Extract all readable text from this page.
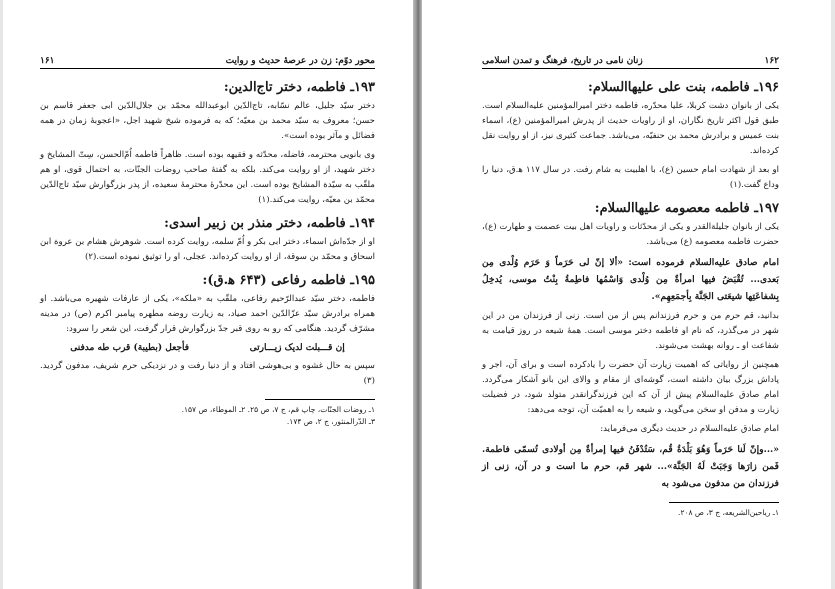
۱۶۱	محور دوّم: زن در عرصهٔ حدیث و روایت
۱۹۳ـ فاطمه، دختر تاج‌الدین:

دختر سیّد جلیل، عالم نسّابه، تاج‌الدّین ابوعبدالله محمّد بن جلال‌الدّین ابی جعفر قاسم بن حسن؛ معروف به سیّد محمد بن معیّه؛ که به فرموده شیخ شهید اجل، «اعجوبهٔ زمان در همه فضائل و مآثر بوده است».

وی بانویی محترمه، فاضله، محدّثه و فقیهه بوده است. ظاهراً فاطمه اُمّ‌الحسن، سِتّ المشایخ و دختر شهید، از او روایت می‌کند. بلکه به گفتهٔ صاحب روضات الجنّات، به احتمال قوی، او هم ملقّب به سیّدة المشایخ بوده است. این محدّرهٔ محترمهٔ سعیده، از پدر بزرگوارش سیّد تاج‌الدّین محمّد بن معیّه، روایت می‌کند.(۱)

۱۹۴ـ فاطمه، دختر منذر بن زبیر اسدی:

او از جدّه‌اش اسماء، دختر ابی بکر و اُمّ سلمه، روایت کرده است. شوهرش هشام بن عروة ابن اسحاق و محمّد بن سوقة، از او روایت کرده‌اند. عجلی، او را توثیق نموده است.(۲)

۱۹۵ـ فاطمه رفاعی (۶۴۳ ه‍.ق):

فاطمه، دختر سیّد عبدالرّحیم رفاعی، ملقّب به «ملکه»، یکی از عارفات شهیره می‌باشد. او همراه برادرش سیّد عزّالدّین احمد صیاد، به زیارت روضه مطهره پیامبر اکرم (ص) در مدینه مشرّف گردید. هنگامی که رو به روی قبر جدّ بزرگوارش قرار گرفت، این شعر را سرود:

إن قـــبلت لدیک زیـــارتی
فأجعل (بطیبة) قرب طه مدفنی

سپس به حال غشوه و بی‌هوشی افتاد و از دنیا رفت و در نزدیکی حرم شریف، مدفون گردید.(۳)

۱ـ روضات الجنّات، چاپ قم، ج ۷، ص ۲۵. ۲ـ الموطاء، ص ۱۵۷.

۳ـ الدّرالمنثور، ج ۲، ص ۱۷۴.

۱۶۲
زنان نامی در تاریخ، فرهنگ و تمدن اسلامی
۱۹۶ـ فاطمه، بنت علی علیهاالسلام:

یکی از بانوان دشت کربلا، علیا محدّره، فاطمه دختر امیرالمؤمنین علیه‌السلام است. طبق قول اکثر تاریخ نگاران، او از راویات حدیث از پدرش امیرالمؤمنین (ع)، اسماء بنت عمیس و برادرش محمد بن حنفیّه، می‌باشد. جماعت کثیری نیز، از او روایت نقل کرده‌اند.

او بعد از شهادت امام حسین (ع)، با اهلبیت به شام رفت. در سال ۱۱۷ ه‍.ق، دنیا را وداع گفت.(۱)

۱۹۷ـ فاطمه معصومه علیهاالسلام:

یکی از بانوان جلیلةالقدر و یکی از محدّثات و راویات اهل بیت عصمت و طهارت (ع)، حضرت فاطمه معصومه (ع) می‌باشد.

امام صادق علیه‌السلام فرموده است: «ألا إنّ لی حَرَماً وَ حَرَم وُلْدی مِن بَعدی... تُقْبَضُ فیها امرأةٌ مِن وُلْدی وَاسْمُها فاطِمةُ بِنْتُ موسی، یُدخِلُ بِشفاعَتِها شیعَتی الجَنَّة بِأجمَعِهِم».

بدانید، قم حرم من و حرم فرزندانم پس از من است. زنی از فرزندان من در این شهر در می‌گذرد، که نام او فاطمه دختر موسی است. همهٔ شیعه در روز قیامت به شفاعت او ـ روانه بهشت می‌شوند.

همچنین از روایاتی که اهمیت زیارت آن حضرت را یادکرده است و برای آن، اجر و پاداش بزرگ بیان داشته است، گوشه‌ای از مقام و والای این بانو آشکار می‌گردد. امام صادق علیه‌السلام پیش از آن که این فرزندگرانقدر متولد شود، در فضیلت زیارت و مدفن او سخن می‌گوید، و شیعه را به اهمیّت آن، توجه می‌دهد:

امام صادق علیه‌السلام در حدیث دیگری می‌فرماید:

«...وإنّ لَنا حَرَماً وَهُوَ بَلْدَةُ قُم، سَتُدْفَنُ فیها إمرأةٌ مِن أولادی تُسمّی فاطمة. فَمن زارَها وَجَبَتْ لَهُ الجَنَّة»... شهر قم، حرم ما است و در آن، زنی از فرزندان من مدفون می‌شود به

۱ـ ریاحین‌الشریعه، ج ۳، ص ۲۰۸.
